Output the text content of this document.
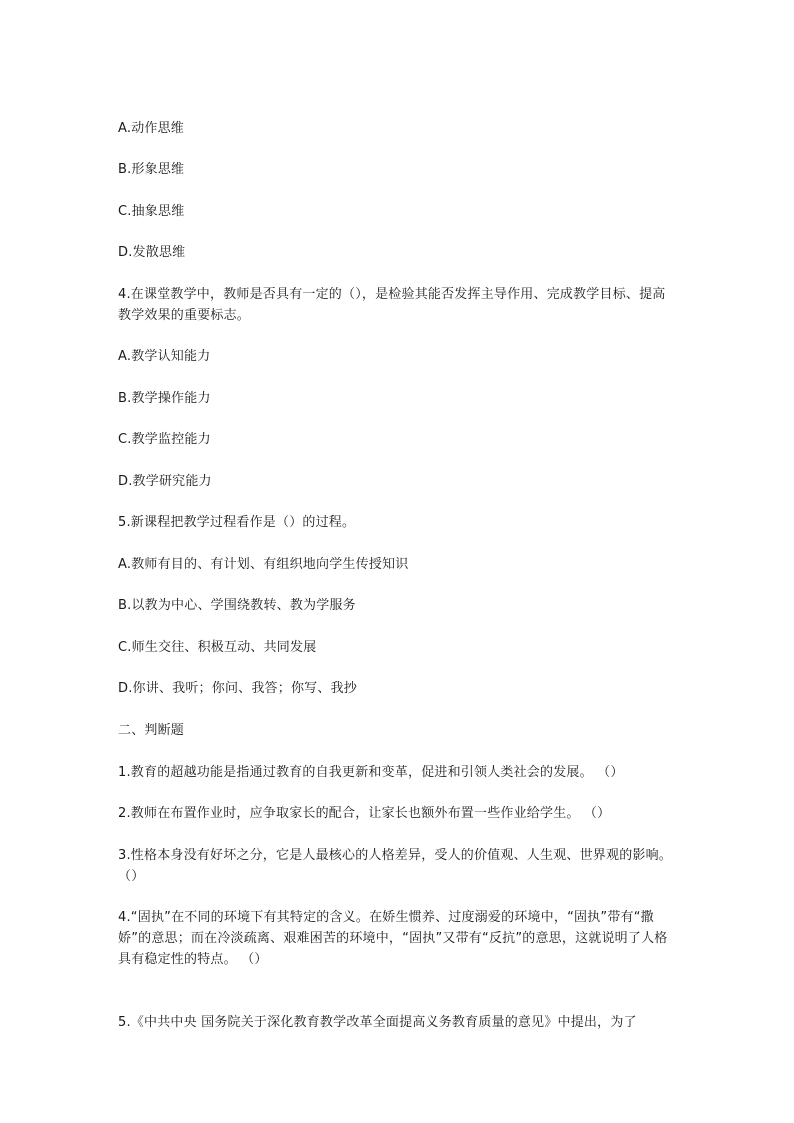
A.动作思维
B.形象思维
C.抽象思维
D.发散思维
4.在课堂教学中，教师是否具有一定的（），是检验其能否发挥主导作用、完成教学目标、提高教学效果的重要标志。
A.教学认知能力
B.教学操作能力
C.教学监控能力
D.教学研究能力
5.新课程把教学过程看作是（）的过程。
A.教师有目的、有计划、有组织地向学生传授知识
B.以教为中心、学围绕教转、教为学服务
C.师生交往、积极互动、共同发展
D.你讲、我听；你问、我答；你写、我抄
二、判断题
1.教育的超越功能是指通过教育的自我更新和变革，促进和引领人类社会的发展。 （）
2.教师在布置作业时，应争取家长的配合，让家长也额外布置一些作业给学生。 （）
3.性格本身没有好坏之分，它是人最核心的人格差异，受人的价值观、人生观、世界观的影响。 （）
4.“固执”在不同的环境下有其特定的含义。在娇生惯养、过度溺爱的环境中，“固执”带有“撒娇”的意思；而在冷淡疏离、艰难困苦的环境中，“固执”又带有“反抗”的意思，这就说明了人格具有稳定性的特点。 （）
5.《中共中央 国务院关于深化教育教学改革全面提高义务教育质量的意见》中提出，为了
